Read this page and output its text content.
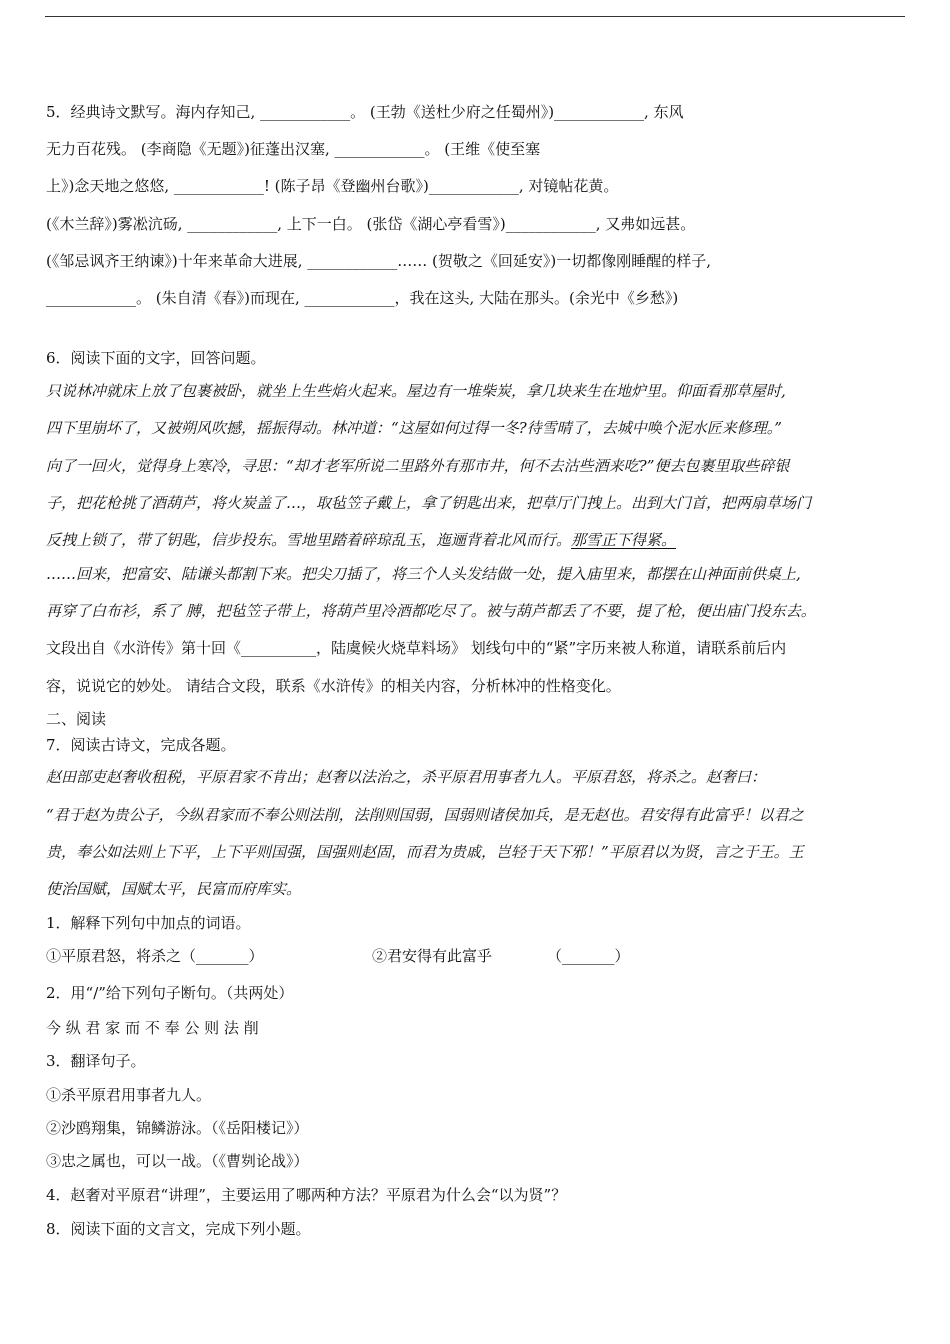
5．经典诗文默写。海内存知己, ____________。 (王勃《送杜少府之任蜀州》)____________, 东风
无力百花残。 (李商隐《无题》)征蓬出汉塞, ____________。 (王维《使至塞
上》)念天地之悠悠, ____________! (陈子昂《登幽州台歌》)____________, 对镜帖花黄。
(《木兰辞》)雾凇沆砀, ____________, 上下一白。 (张岱《湖心亭看雪》)____________, 又弗如远甚。
(《邹忌讽齐王纳谏》)十年来革命大进展, ____________…… (贺敬之《回延安》)一切都像刚睡醒的样子,
____________。 (朱自清《春》)而现在, ____________，我在这头, 大陆在那头。(余光中《乡愁》)
6．阅读下面的文字，回答问题。
只说林冲就床上放了包裹被卧，就坐上生些焰火起来。屋边有一堆柴炭，拿几块来生在地炉里。仰面看那草屋时,
四下里崩坏了，又被朔风吹撼，摇振得动。林冲道：“这屋如何过得一冬?待雪晴了，去城中唤个泥水匠来修理。”
向了一回火，觉得身上寒冷，寻思：“却才老军所说二里路外有那市井，何不去沽些酒来吃?”便去包裹里取些碎银
子，把花枪挑了酒葫芦，将火炭盖了…，取毡笠子戴上，拿了钥匙出来，把草厅门拽上。出到大门首，把两扇草场门
反拽上锁了，带了钥匙，信步投东。雪地里踏着碎琼乱玉，迤逦背着北风而行。那雪正下得紧。
……回来，把富安、陆谦头都割下来。把尖刀插了，将三个人头发结做一处，提入庙里来，都摆在山神面前供桌上,
再穿了白布衫，系了 膊，把毡笠子带上，将葫芦里冷酒都吃尽了。被与葫芦都丢了不要，提了枪，便出庙门投东去。
文段出自《水浒传》第十回《__________，陆虞候火烧草料场》 划线句中的“紧”字历来被人称道，请联系前后内
容，说说它的妙处。 请结合文段，联系《水浒传》的相关内容，分析林冲的性格变化。
二、阅读
7．阅读古诗文，完成各题。
赵田部吏赵奢收租税，平原君家不肯出；赵奢以法治之，杀平原君用事者九人。平原君怒，将杀之。赵奢曰：
“君于赵为贵公子，今纵君家而不奉公则法削，法削则国弱，国弱则诸侯加兵，是无赵也。君安得有此富乎！以君之
贵，奉公如法则上下平，上下平则国强，国强则赵固，而君为贵戚，岂轻于天下邪！”平原君以为贤，言之于王。王
使治国赋，国赋太平，民富而府库实。
1．解释下列句中加点的词语。
①平原君怒，将杀之（_______）	②君安得有此富乎	（_______）
2．用“/”给下列句子断句。（共两处）
今 纵 君 家 而 不 奉 公 则 法 削
3．翻译句子。
①杀平原君用事者九人。
②沙鸥翔集，锦鳞游泳。（《岳阳楼记》）
③忠之属也，可以一战。（《曹刿论战》）
4．赵奢对平原君“讲理”，主要运用了哪两种方法？平原君为什么会“以为贤”？
8．阅读下面的文言文，完成下列小题。
